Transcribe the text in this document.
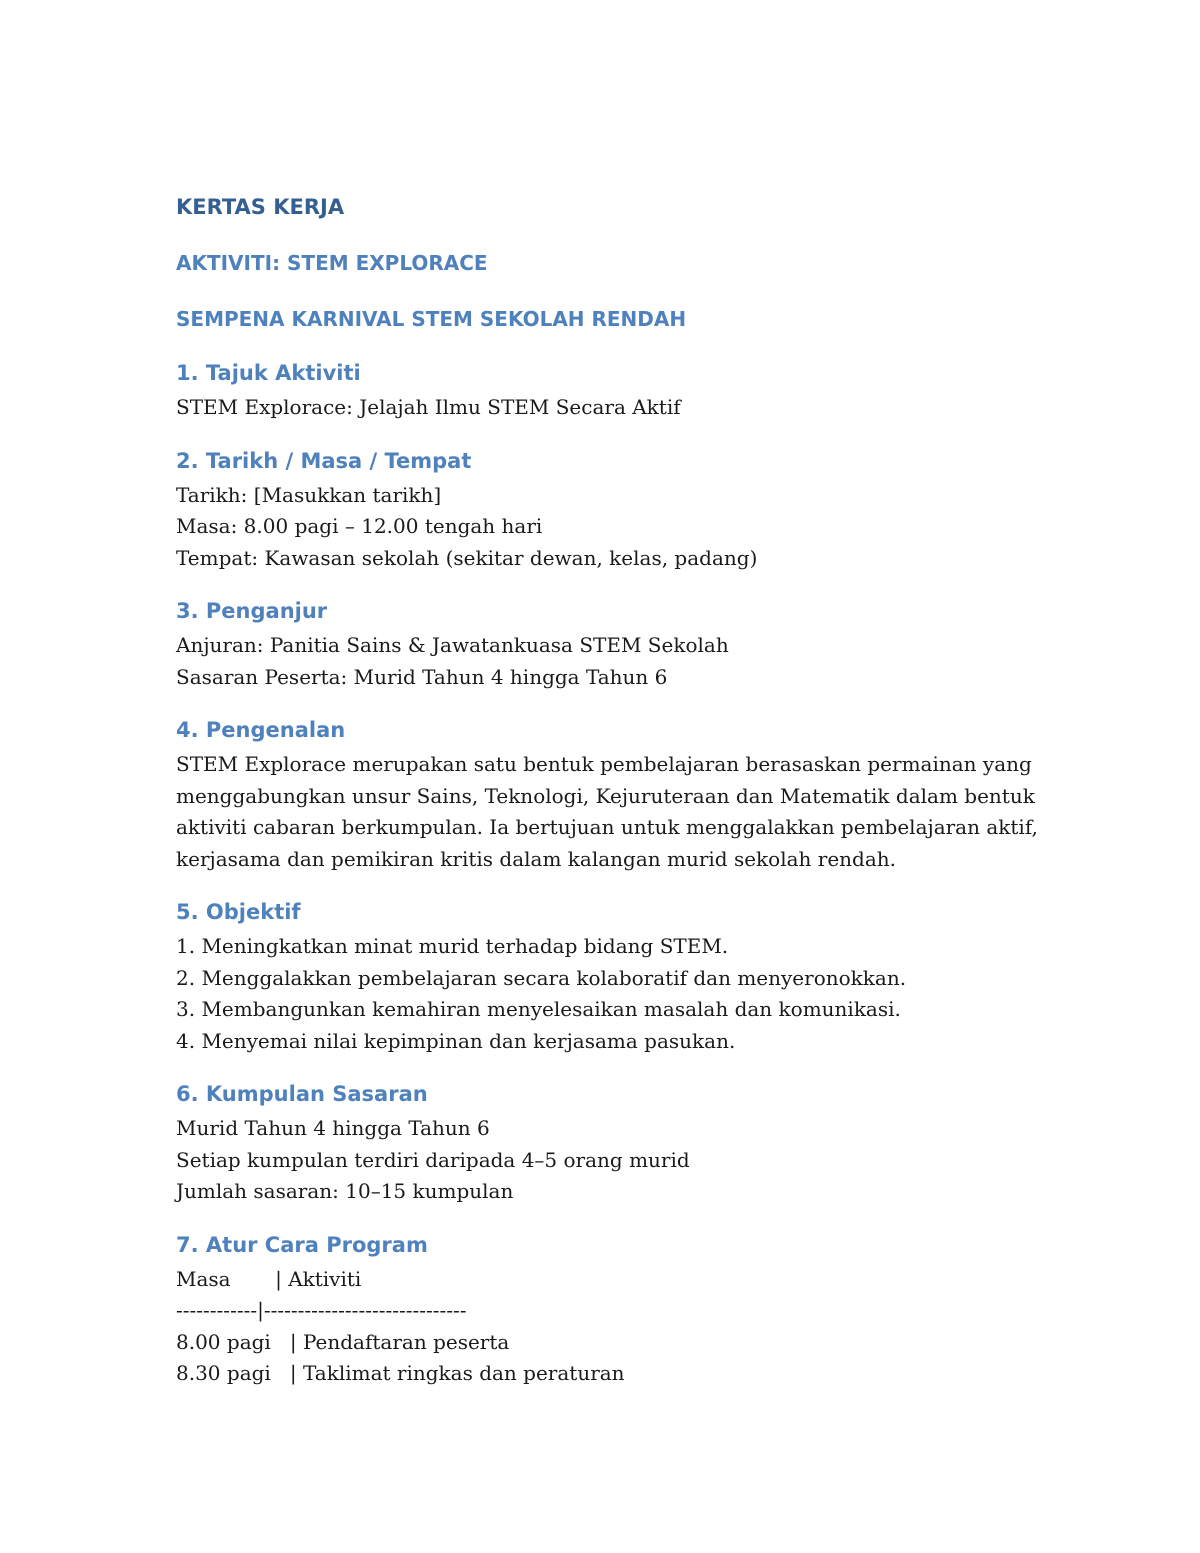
KERTAS KERJA

AKTIVITI: STEM EXPLORACE

SEMPENA KARNIVAL STEM SEKOLAH RENDAH

1. Tajuk Aktiviti

STEM Explorace: Jelajah Ilmu STEM Secara Aktif

2. Tarikh / Masa / Tempat

Tarikh: [Masukkan tarikh]

Masa: 8.00 pagi – 12.00 tengah hari

Tempat: Kawasan sekolah (sekitar dewan, kelas, padang)

3. Penganjur

Anjuran: Panitia Sains & Jawatankuasa STEM Sekolah

Sasaran Peserta: Murid Tahun 4 hingga Tahun 6

4. Pengenalan

STEM Explorace merupakan satu bentuk pembelajaran berasaskan permainan yang menggabungkan unsur Sains, Teknologi, Kejuruteraan dan Matematik dalam bentuk aktiviti cabaran berkumpulan. Ia bertujuan untuk menggalakkan pembelajaran aktif, kerjasama dan pemikiran kritis dalam kalangan murid sekolah rendah.

5. Objektif

1. Meningkatkan minat murid terhadap bidang STEM.

2. Menggalakkan pembelajaran secara kolaboratif dan menyeronokkan.

3. Membangunkan kemahiran menyelesaikan masalah dan komunikasi.

4. Menyemai nilai kepimpinan dan kerjasama pasukan.

6. Kumpulan Sasaran

Murid Tahun 4 hingga Tahun 6

Setiap kumpulan terdiri daripada 4–5 orang murid

Jumlah sasaran: 10–15 kumpulan

7. Atur Cara Program

Masa       | Aktiviti

------------|------------------------------

8.00 pagi   | Pendaftaran peserta

8.30 pagi   | Taklimat ringkas dan peraturan
